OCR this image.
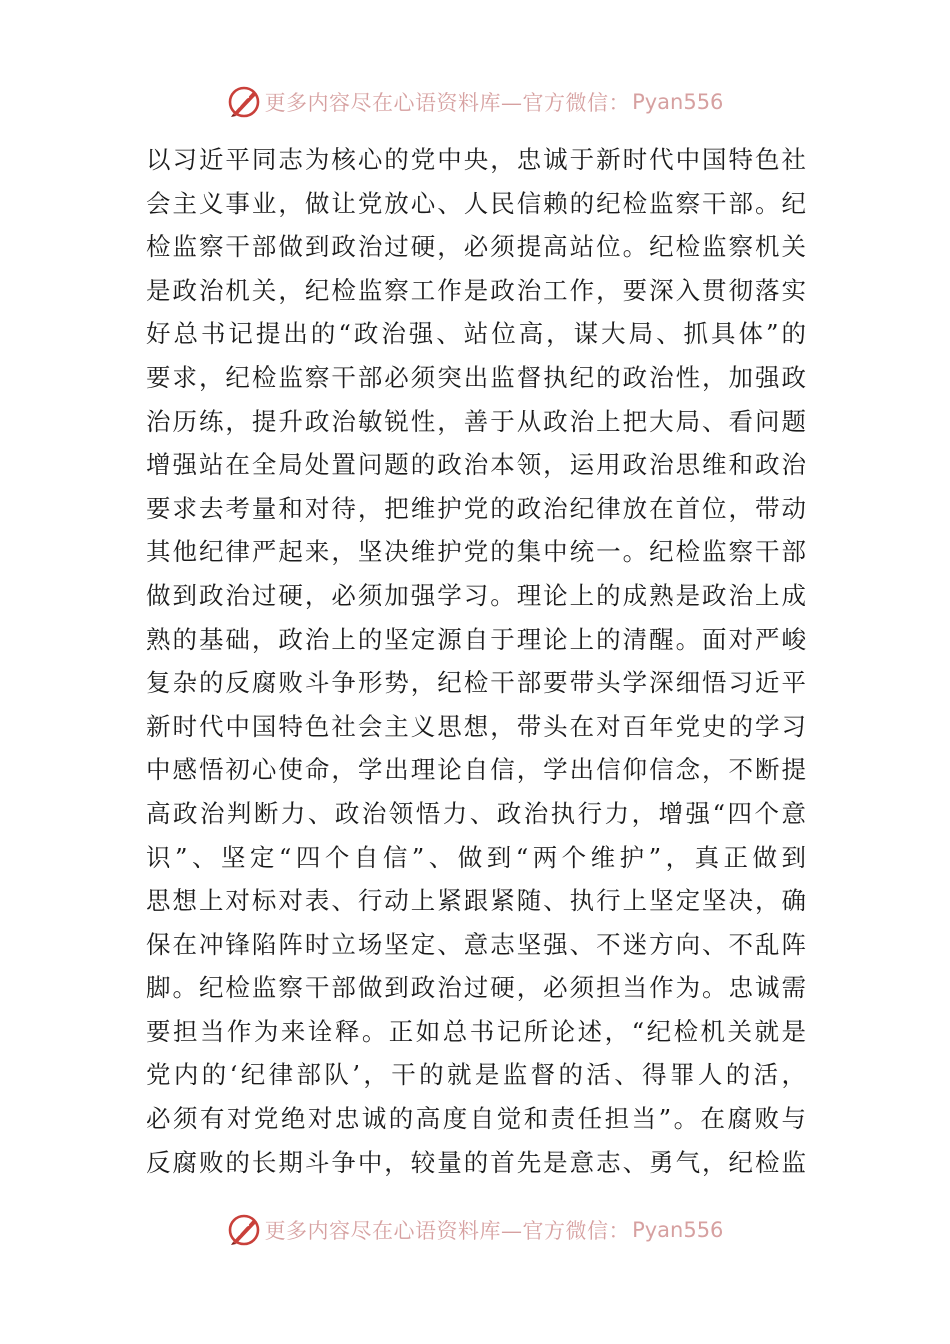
更多内容尽在心语资料库—官方微信： Pyan556
以习近平同志为核心的党中央，忠诚于新时代中国特色社
会主义事业，做让党放心、人民信赖的纪检监察干部。纪
检监察干部做到政治过硬，必须提高站位。纪检监察机关
是政治机关，纪检监察工作是政治工作，要深入贯彻落实
好总书记提出的“政治强、站位高，谋大局、抓具体”的
要求，纪检监察干部必须突出监督执纪的政治性，加强政
治历练，提升政治敏锐性，善于从政治上把大局、看问题
增强站在全局处置问题的政治本领，运用政治思维和政治
要求去考量和对待，把维护党的政治纪律放在首位，带动
其他纪律严起来，坚决维护党的集中统一。纪检监察干部
做到政治过硬，必须加强学习。理论上的成熟是政治上成
熟的基础，政治上的坚定源自于理论上的清醒。面对严峻
复杂的反腐败斗争形势，纪检干部要带头学深细悟习近平
新时代中国特色社会主义思想，带头在对百年党史的学习
中感悟初心使命，学出理论自信，学出信仰信念，不断提
高政治判断力、政治领悟力、政治执行力，增强“四个意
识”、坚定“四个自信”、做到“两个维护”，真正做到
思想上对标对表、行动上紧跟紧随、执行上坚定坚决，确
保在冲锋陷阵时立场坚定、意志坚强、不迷方向、不乱阵
脚。纪检监察干部做到政治过硬，必须担当作为。忠诚需
要担当作为来诠释。正如总书记所论述，“纪检机关就是
党内的‘纪律部队’，干的就是监督的活、得罪人的活，
必须有对党绝对忠诚的高度自觉和责任担当”。在腐败与
反腐败的长期斗争中，较量的首先是意志、勇气，纪检监
更多内容尽在心语资料库—官方微信： Pyan556
